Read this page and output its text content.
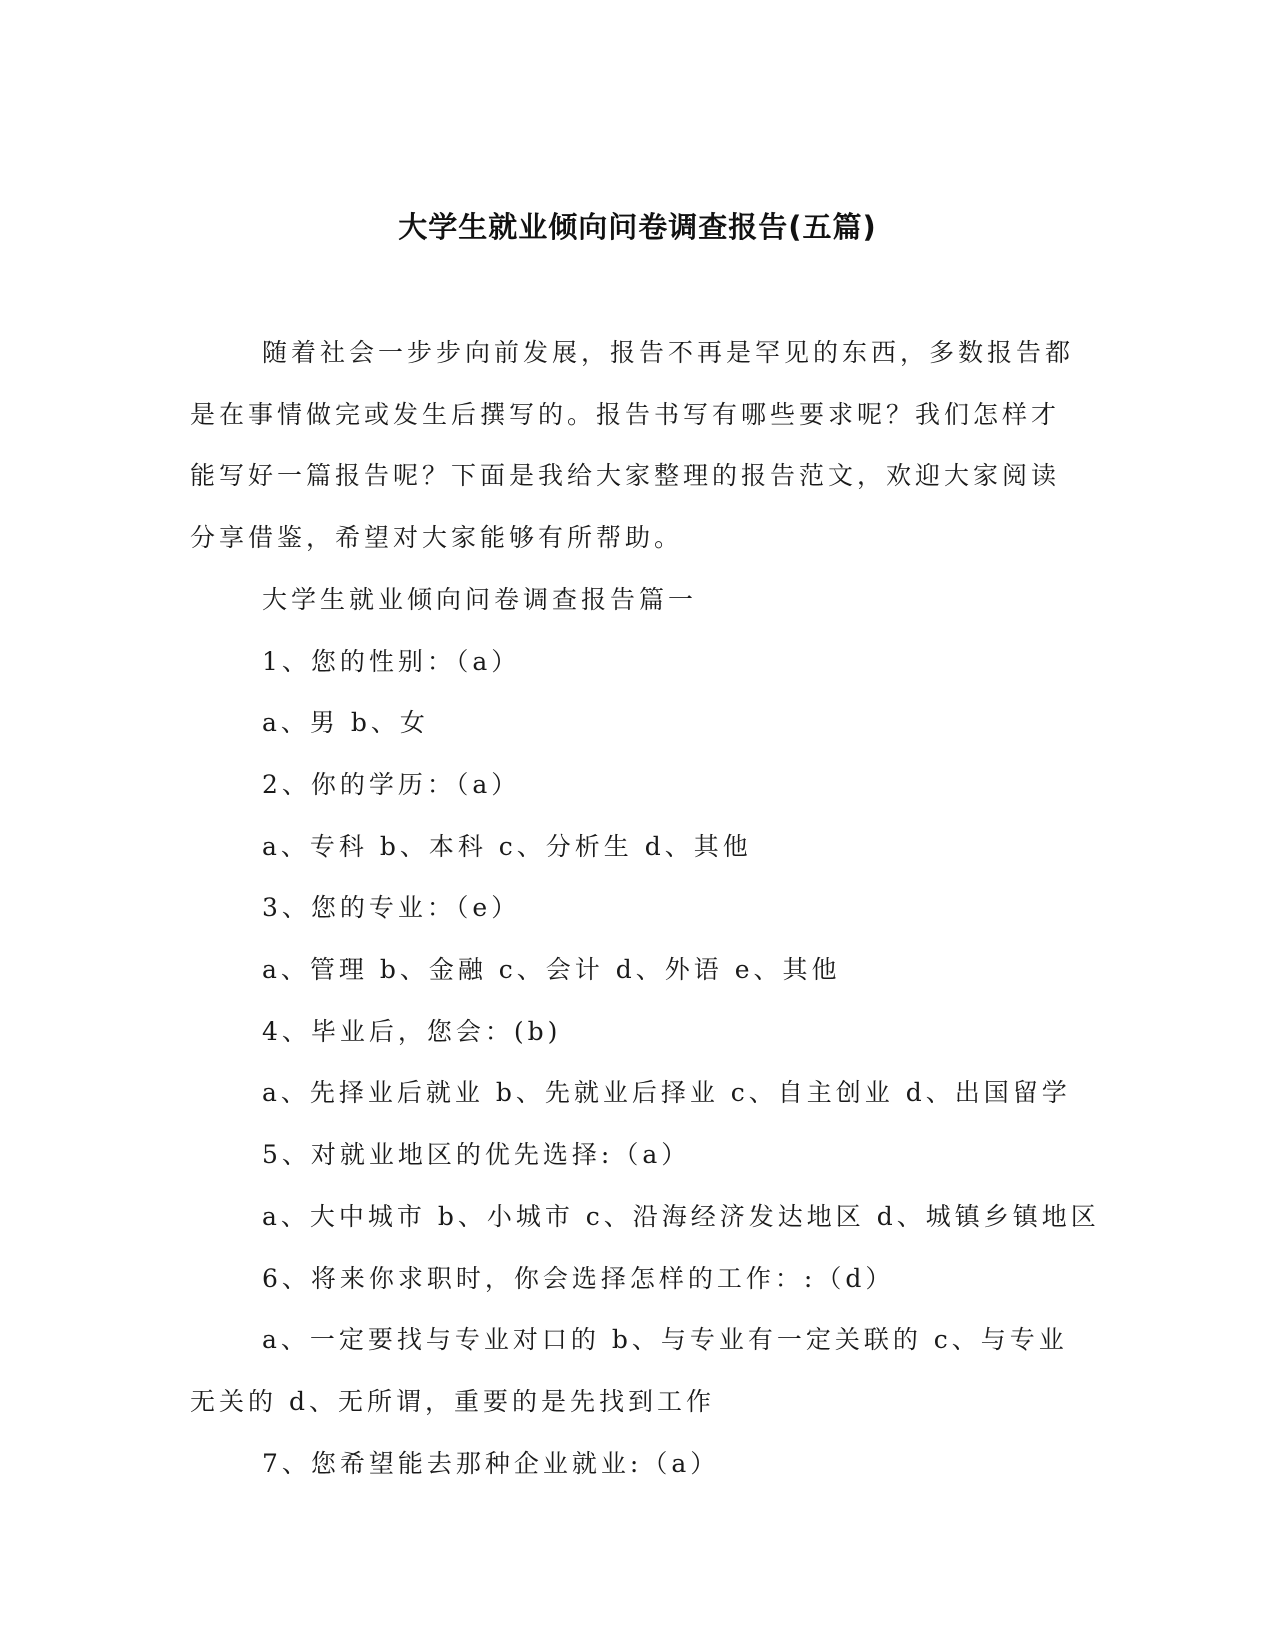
大学生就业倾向问卷调查报告(五篇)

随着社会一步步向前发展，报告不再是罕见的东西，多数报告都是在事情做完或发生后撰写的。报告书写有哪些要求呢？我们怎样才能写好一篇报告呢？下面是我给大家整理的报告范文，欢迎大家阅读分享借鉴，希望对大家能够有所帮助。

大学生就业倾向问卷调查报告篇一

1、您的性别：（a）

a、男 b、女

2、你的学历：（a）

a、专科 b、本科 c、分析生 d、其他

3、您的专业：（e）

a、管理 b、金融 c、会计 d、外语 e、其他

4、毕业后，您会：(b)

a、先择业后就业 b、先就业后择业 c、自主创业 d、出国留学

5、对就业地区的优先选择:（a）

a、大中城市 b、小城市 c、沿海经济发达地区 d、城镇乡镇地区

6、将来你求职时，你会选择怎样的工作：:（d）

a、一定要找与专业对口的 b、与专业有一定关联的 c、与专业无关的 d、无所谓，重要的是先找到工作

7、您希望能去那种企业就业:（a）
